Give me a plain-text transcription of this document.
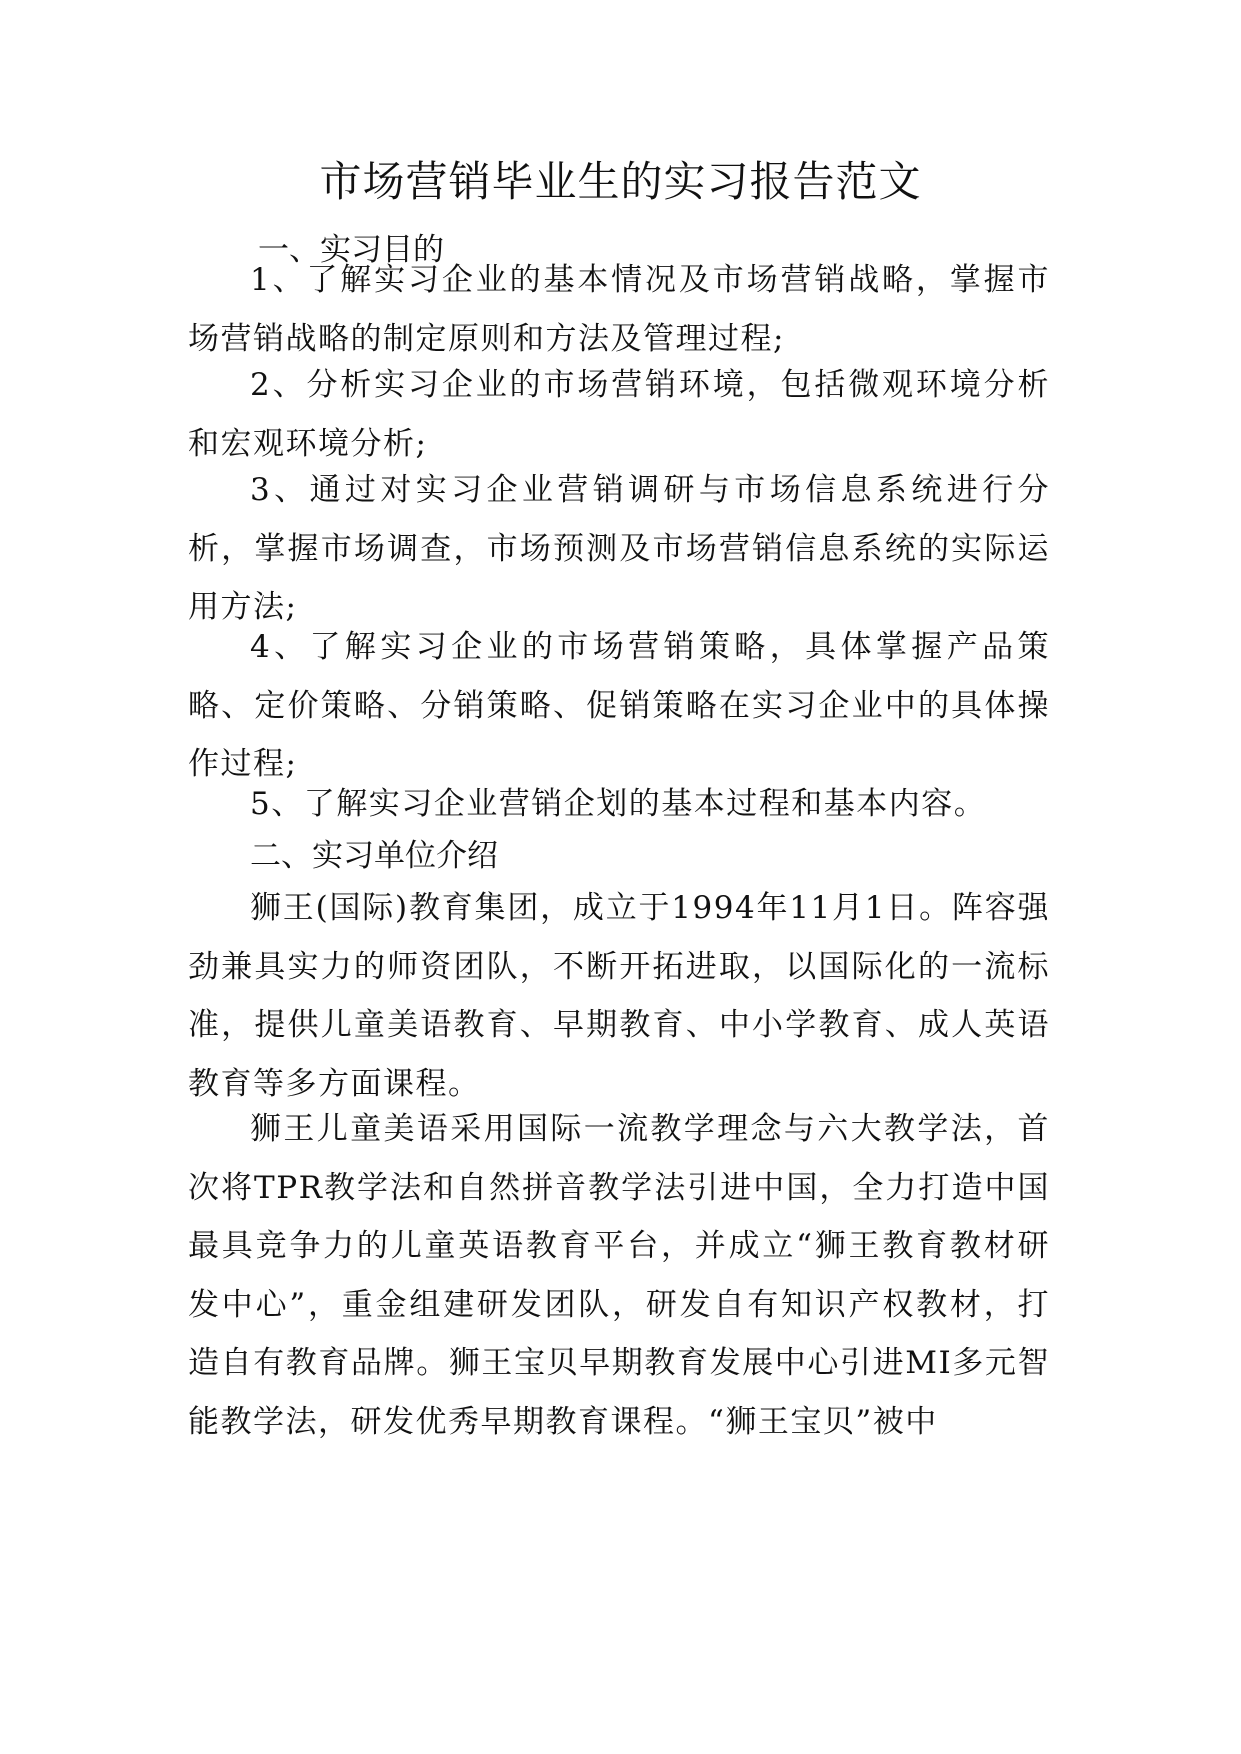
市场营销毕业生的实习报告范文
一、实习目的

1、了解实习企业的基本情况及市场营销战略，掌握市场营销战略的制定原则和方法及管理过程;

2、分析实习企业的市场营销环境，包括微观环境分析和宏观环境分析;

3、通过对实习企业营销调研与市场信息系统进行分析，掌握市场调查，市场预测及市场营销信息系统的实际运用方法;

4、了解实习企业的市场营销策略，具体掌握产品策略、定价策略、分销策略、促销策略在实习企业中的具体操作过程;

5、了解实习企业营销企划的基本过程和基本内容。

二、实习单位介绍

狮王(国际)教育集团，成立于1994年11月1日。阵容强劲兼具实力的师资团队，不断开拓进取，以国际化的一流标准，提供儿童美语教育、早期教育、中小学教育、成人英语教育等多方面课程。

狮王儿童美语采用国际一流教学理念与六大教学法，首次将TPR教学法和自然拼音教学法引进中国，全力打造中国最具竞争力的儿童英语教育平台，并成立“狮王教育教材研发中心”，重金组建研发团队，研发自有知识产权教材，打造自有教育品牌。狮王宝贝早期教育发展中心引进MI多元智能教学法，研发优秀早期教育课程。“狮王宝贝”被中
